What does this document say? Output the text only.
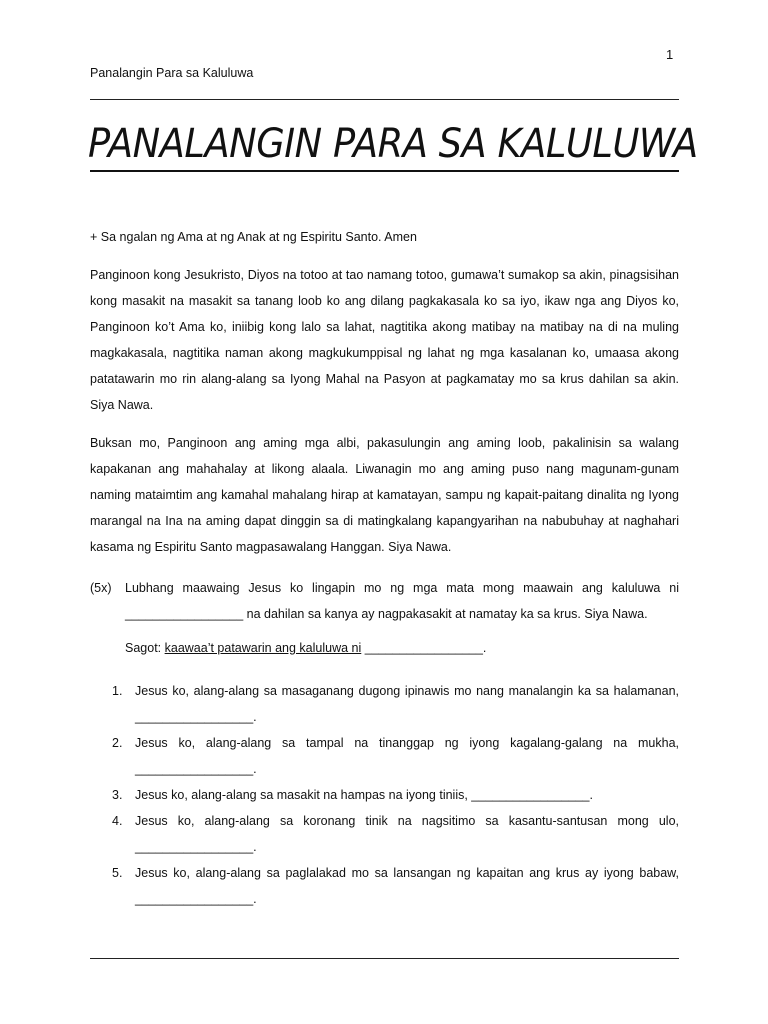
1
Panalangin Para sa Kaluluwa
PANALANGIN PARA SA KALULUWA
+ Sa ngalan ng Ama at ng Anak at ng Espiritu Santo. Amen
Panginoon kong Jesukristo, Diyos na totoo at tao namang totoo, gumawa’t sumakop sa akin, pinagsisihan kong masakit na masakit sa tanang loob ko ang dilang pagkakasala ko sa iyo, ikaw nga ang Diyos ko, Panginoon ko’t Ama ko, iniibig kong lalo sa lahat, nagtitika akong matibay na matibay na di na muling magkakasala, nagtitika naman akong magkukumppisal ng lahat ng mga kasalanan ko, umaasa akong patatawarin mo rin alang-alang sa Iyong Mahal na Pasyon at pagkamatay mo sa krus dahilan sa akin. Siya Nawa.
Buksan mo, Panginoon ang aming mga albi, pakasulungin ang aming loob, pakalinisin sa walang kapakanan ang mahahalay at likong alaala. Liwanagin mo ang aming puso nang magunam-gunam naming mataimtim ang kamahal mahalang hirap at kamatayan, sampu ng kapait-paitang dinalita ng Iyong marangal na Ina na aming dapat dinggin sa di matingkalang kapangyarihan na nabubuhay at naghahari kasama ng Espiritu Santo magpasawalang Hanggan. Siya Nawa.
(5x) Lubhang maawaing Jesus ko lingapin mo ng mga mata mong maawain ang kaluluwa ni _________________ na dahilan sa kanya ay nagpakasakit at namatay ka sa krus. Siya Nawa.
Sagot: kaawaa’t patawarin ang kaluluwa ni _________________.
1. Jesus ko, alang-alang sa masaganang dugong ipinawis mo nang manalangin ka sa halamanan, _________________.
2. Jesus ko, alang-alang sa tampal na tinanggap ng iyong kagalang-galang na mukha, _________________.
3. Jesus ko, alang-alang sa masakit na hampas na iyong tiniis, _________________.
4. Jesus ko, alang-alang sa koronang tinik na nagsitimo sa kasantu-santusan mong ulo, _________________.
5. Jesus ko, alang-alang sa paglalakad mo sa lansangan ng kapaitan ang krus ay iyong babaw, _________________.
